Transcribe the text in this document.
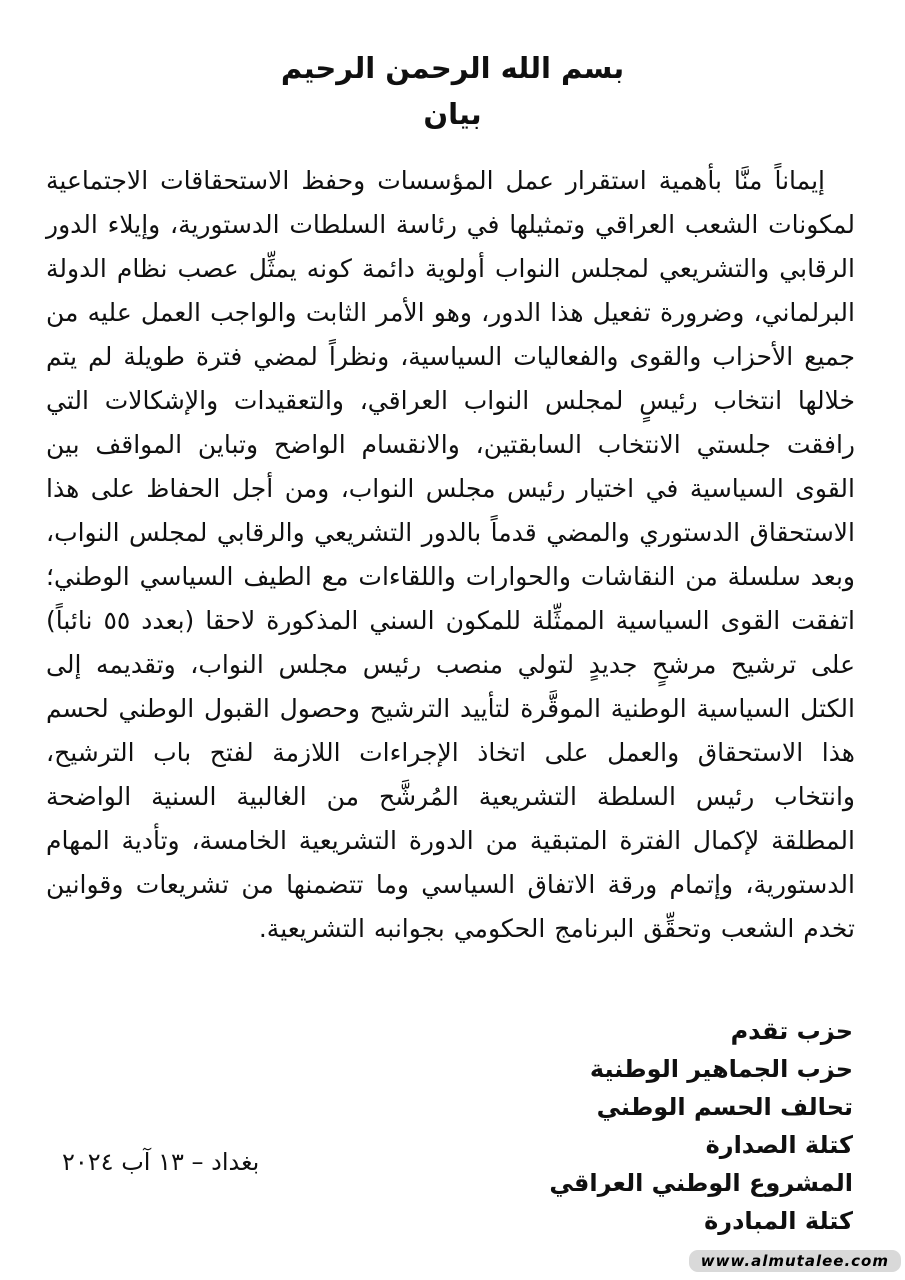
بسم الله الرحمن الرحيم
بيان

إيماناً منَّا بأهمية استقرار عمل المؤسسات وحفظ الاستحقاقات الاجتماعية لمكونات الشعب العراقي وتمثيلها في رئاسة السلطات الدستورية، وإيلاء الدور الرقابي والتشريعي لمجلس النواب أولوية دائمة كونه يمثِّل عصب نظام الدولة البرلماني، وضرورة تفعيل هذا الدور، وهو الأمر الثابت والواجب العمل عليه من جميع الأحزاب والقوى والفعاليات السياسية، ونظراً لمضي فترة طويلة لم يتم خلالها انتخاب رئيسٍ لمجلس النواب العراقي، والتعقيدات والإشكالات التي رافقت جلستي الانتخاب السابقتين، والانقسام الواضح وتباين المواقف بين القوى السياسية في اختيار رئيس مجلس النواب، ومن أجل الحفاظ على هذا الاستحقاق الدستوري والمضي قدماً بالدور التشريعي والرقابي لمجلس النواب، وبعد سلسلة من النقاشات والحوارات واللقاءات مع الطيف السياسي الوطني؛ اتفقت القوى السياسية الممثِّلة للمكون السني المذكورة لاحقا (بعدد ٥٥ نائباً) على ترشيح مرشحٍ جديدٍ لتولي منصب رئيس مجلس النواب، وتقديمه إلى الكتل السياسية الوطنية الموقَّرة لتأييد الترشيح وحصول القبول الوطني لحسم هذا الاستحقاق والعمل على اتخاذ الإجراءات اللازمة لفتح باب الترشيح، وانتخاب رئيس السلطة التشريعية المُرشَّح من الغالبية السنية الواضحة المطلقة لإكمال الفترة المتبقية من الدورة التشريعية الخامسة، وتأدية المهام الدستورية، وإتمام ورقة الاتفاق السياسي وما تتضمنها من تشريعات وقوانين تخدم الشعب وتحقِّق البرنامج الحكومي بجوانبه التشريعية.

حزب تقدم
حزب الجماهير الوطنية
تحالف الحسم الوطني
كتلة الصدارة
المشروع الوطني العراقي
كتلة المبادرة
بغداد – ١٣ آب ٢٠٢٤
www.almutalee.com
